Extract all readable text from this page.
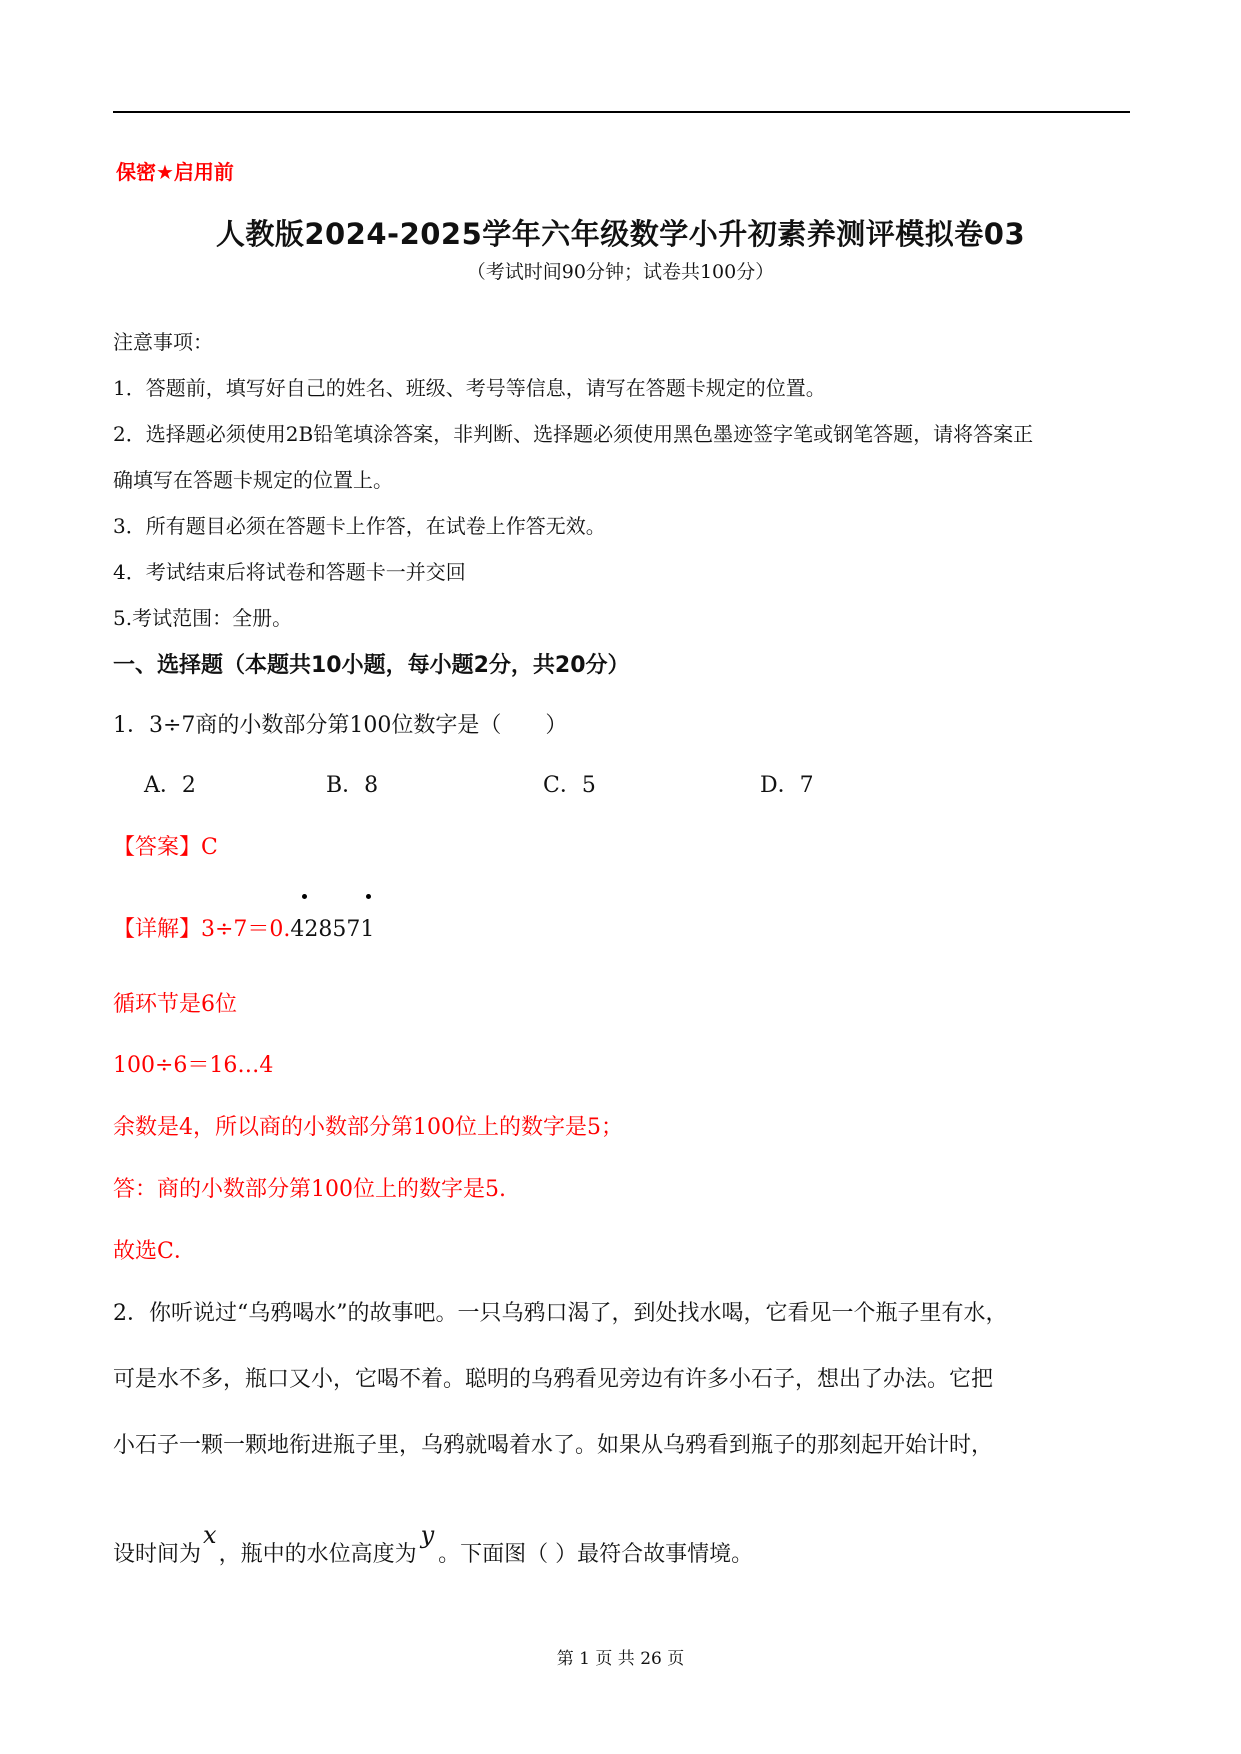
保密★启用前
人教版2024-2025学年六年级数学小升初素养测评模拟卷03
（考试时间90分钟；试卷共100分）
注意事项：
1．答题前，填写好自己的姓名、班级、考号等信息，请写在答题卡规定的位置。
2．选择题必须使用2B铅笔填涂答案，非判断、选择题必须使用黑色墨迹签字笔或钢笔答题，请将答案正
确填写在答题卡规定的位置上。
3．所有题目必须在答题卡上作答，在试卷上作答无效。
4．考试结束后将试卷和答题卡一并交回
5.考试范围：全册。
一、选择题（本题共10小题，每小题2分，共20分）
1．3÷7商的小数部分第100位数字是（　　）
A．2	B．8	C．5	D．7
【答案】C
【详解】3÷7＝0.428571
循环节是6位
100÷6＝16…4
余数是4，所以商的小数部分第100位上的数字是5；
答：商的小数部分第100位上的数字是5.
故选C．
2．你听说过“乌鸦喝水”的故事吧。一只乌鸦口渴了，到处找水喝，它看见一个瓶子里有水，
可是水不多，瓶口又小，它喝不着。聪明的乌鸦看见旁边有许多小石子，想出了办法。它把
小石子一颗一颗地衔进瓶子里，乌鸦就喝着水了。如果从乌鸦看到瓶子的那刻起开始计时，
设时间为x，瓶中的水位高度为y。下面图（ ）最符合故事情境。
第 1 页 共 26 页
